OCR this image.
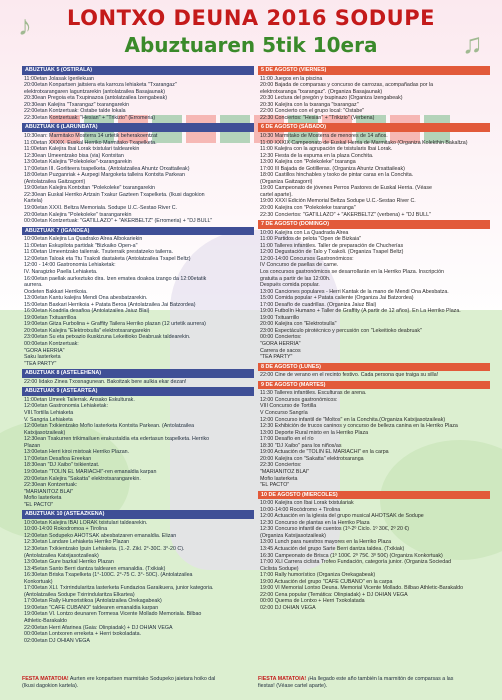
♪
♫
LONTXO DEUNA 2016 SODUPE
Abuztuaren 5tik 10era
ABUZTUAK 5 (OSTIRALA)
11:00etan Jolasak Igerilekuan
20:00etan Konpartsen jaitsiera eta karroza lehiaketa "Txarangaz"
elektrotxarangaren laguntzarekin (antolatzailea Basajaunak)
20:30ean Pregoia eta Txupinazoa (antolatzailea Izengabeak)
20:30ean Kalejira "Txarangaz" txarangarekin
22:00etan Kontzertuak: Ostabe talde lokala
22:30etan Kontzertuak: "Hesian" + "Trikizio" (Erromeria)
ABUZTUAK 6 (LARUNBATA)
10:30ean: Marmitako Mosterra 14 urtetik beherakoentzat
11:00etan XXXIX. Euskal Herriko Marmitako Txapelketa.
11:00etan Kalejira Ibai Lorak txistulari taldearekin
12:30ean Umeentzako bisa (via) Kontxitan
13:00etan Kalejira "Polekoleke"-txarangarekin
17:00etan III. Gorliteera txapelketa. (Antolatzailea Ahuntz Orxattaileak)
18:00etan Puzganriak + Aurpegi Margoketa talleira Kontxita Parkean
(Antolatzailea Gaitzagorri)
19:00etan Kalejira Kontxitan "Polekoleke" txarangarekin
22:30ean Euskal Herriko Artzain Txakur Gazteen Txapelketa. (Ikusi dagokion
Kartela)
19:00etan XXXI. Beltza Memoriala. Sodupe U.C.-Sestao River C.
20:00etan Kalejira "Polekoleke" txarangarekin
00:00etan Kontzertuak: "GATILLAZO" + "AKERBELTZ" (Erromeria) + "DJ BULL"
ABUZTUAK 7 (IGANDEA)
10:00etan Kalejira La Quadrako Alrea Albokariekin
11:00etan Eskupilota partidak "Bizkaiko Open-a"
11:00etan Umeentzako tailerrak. Txuterraik prestatzeko tailerra.
12:00etan Taloak eta Ttu Txakoli dastaketa (Antolatzailea Txapel Beltz)
12:00 - 14:00 Gastronomia Lehiaketak:
IV. Naragizko Paella Lehiaketa.
16:00etan paellak aurkeztuko dira. Izen ematea doakoa izango da 12:00etatik
aurrera.
Oodeten Bakkari Herrikoia.
13:00etan Kantu kalejira Mendi Ona abesbatzarekin.
15:00etan Baxkari Herrikoia + Patata Beroa (Antolatzailea Jai Batzordea)
16:00etan Koadrila desafioa (Antolatzailea Jaiuz Blai)
19:00etan Txituarrilloa
19:00etan Gitza Furbolina + Graffity Tailera Herriko plazan (12 urtetik aurrera)
20:00etan Kalejira "Elektrotxulla" elektrotxarangarekin
23:00etan Su eta petxazio ikuskizuna Lekeitioko Deabruak taldearekin.
00:00etan Kontzertuak:
"GORA HERRIA"
Saku lasterketa
"TEA PARTY"
ABUZTUAK 8 (ASTELEHENA)
22:00 Iidako Zinea Txosnagunean. Bakoitzak bere aulkia ekar dezan!
ABUZTUAK 9 (ASTEARTEA)
11:00etan Umeek Tailerrak. Ansako Eskulturak.
12:00etan Gastronomia Lehiaketak:
VIII.Tortilla Lehiaketa
V. Sangria Lehiaketa
12:00etan Txikientzako Mofio lasterketa Kontxita Parkean. (Antolatzailea
Katxijasotzaileak)
12:30ean Txakurren trikimailuen erakustaldia eta edertasun txapelketa. Herriko
Plazan
13:00etan Herri kiroi mixtoak Herriko Plazan.
17:00etan Desafioa Ereekan
18:30ean "DJ Xaibo" txikientzat.
19:00etan "TOLIN EL MARIACHI"-ren emanaldia karpan
20:00etan Kalejira "Sakatta" elektrotxarangarekin.
22:30ean Kontzertuak:
"MARIANITOZ BLAI"
Mofio lasterketa
"EL PACTO"
ABUZTUAK 10 (ASTEAZKENA)
10:00etan Kalejira IBAI LORAK txistulari taldearekin.
10:00-14:00 Rokodromoa + Tirolina
12:00etan Sodupeko AHOTSAK abesbatzaren emanaldia. Elizan
12:30etan Landare Lehiaketa Herriko Plazan
12:30etan Txikientzako Ipuin Lehiaketa. (1.-2. Zikl. 2°-30C. 3°-20 C).
(Antolatzailea Katxijasotzaileak)
13:00etan Gure bazkal Herriko Plazan
13:45etan Santo Berri dantza taldearen emanaldia. (Txikiak)
16:30etan Briska Txapelketa (1°-100C. 2°-75 C. 3°- 50C). (Antolatzailea
Konkortuak)
17:00etan XLI. Txirrindularitza lasterketa Fundazioa Garaikuera, junior kategoria.
(Antolatzailea Sodupe Txirrindularitza Elkartea)
17:00etan Rally Humoristikoa (Antolatzailea Orekagabeak)
19:00etan "CAFÉ CUBANO" taldearen emanaldia karpan
19:00etan VI. Lontzo deunaren Tormesa Vicente Mollado Memoriala. Bilbao
Athletic-Barakaldo
22:00etan Herri Afarinea (Gaia: Olinpiadak) + DJ OHIAN VEGA
00:00etan Lontxoren erreketa + Herri txokoladata.
02:00etan DJ OHIAN VEGA
5 DE AGOSTO (VIERNES)
11:00 Juegos en la piscina
20:00 Bajada de comparsas y concurso de carrozas, acompañadas por la
elektrotxaranga "txarangaz". (Organiza Basajaunak)
20:30 Lectura del pregón y txupinazo (Organiza Izengabeak)
20:30 Kalejira con la txaranga "txarangaz"
22:00 Concierto con el grupo local: "Ostabe"
22:30 Conciertos: "Hesian" + "Trikizio" (Verbena)
6 DE AGOSTO (SÁBADO)
10:30 Marmitako de Mosterra de menores de 14 años.
11:00 XXXIX Campeonato de Euskal Herria de Marmitako (Organiza Kolekthin Bakaltza)
11:00 Kalejira con la agrupación de txistularis Ibai Lorak.
12:30 Fiesta de la espuma en la plaza Conchita.
13:00 Kalejira con "Polekoleke" txaranga
17:00 III Bajada de Gotillleras. (Organiza Ahuntz Orxattaileak)
18:00 Castillos hinchables y txoko de pintar caras en la Conchita.
(Organiza Gaitzagorri)
19:00 Campeonato de jóvenes Perros Pastores de Euskal Herria. (Véase
cartel aparte).
19:00 XXXI Edición Memorial Beltza Sodupe U.C.-Sestao River C.
20:00 Kalejira con "Polekoleke txaranga"
22:30 Conciertos: "GATILLAZO" + "AKERBELTZ" (verbena) + "DJ BULL"
7 DE AGOSTO (DOMINGO)
10:00 Kalejira con La Quadrada Alrea
11:00 Partidos de pelota "Open de Bizkaia"
11:00 Talleres infantiles. Taller de preparación de Chucherías
12:00 Degustación de Talo y Txakoli. (Organiza Txapel Beltz)
12:00-14:00 Concursos Gastronómicos:
IV Concurso de paellas de carne.
Los concursos gastronómicos se desarrollarán en la Herriko Plaza. Inscripción
gratuita a partir de las 12:00h.
Después comida popular.
13:00 Canciones populares - Herri Kantak de la mano de Mendi Ona Abesbatza.
15:00 Comida popular + Patata caliente (Organiza Jai Batzordea)
17:00 Desafío de cuadrillas. (Organiza Jaiuz Blai)
19:00 Futbolín Humano + Taller de Graffity (A partir de 12 años). En La Herriko Plaza.
19:00 Txituarrillo
20:00 Kalejira con "Elektrotxulla"
23:00 Espectáculo pirotécnico y percusión con "Lekeitioko deabruak"
00:00 Conciertos:
"GORA HERRIA"
Carrera de sacos
"TEA PARTY"
8 DE AGOSTO (LUNES)
22:00 Cine de verano en el recinto festivo. Cada persona que traiga su silla!
9 DE AGOSTO (MARTES)
11:30 Talleres infantiles. Esculturas de arena.
12:00 Concursos gastronómicos:
VIII Concurso de Tortilla
V Concurso Sangría
12:00 Concurso infantil de "Moltos" en la Conchita.(Organiza Katxijasotzaileak)
12:30 Exhibición de trucos caninos y concurso de belleza canina en la Herriko Plaza
13:00 Deporte Rural mixto en la Herriko Plaza
17:00 Desafío en el río
18:30 "DJ Xaibo" para los niños/as
19:00 Actuación de "TOLIN EL MARIACHI" en la carpa
20:00 Kalejira con "Sakatta" elektrotxaranga
22:30 Conciertos:
"MARIANITOZ BLAI"
Mofio lasterketa
"EL PACTO"
10 DE AGOSTO (MIERCOLES)
10:00 Kalejira con Ibai Lorak txistulariak
10:00-14:00 Rocódromo + Tirolina
12:00 Actuación en la iglesia del grupo musical AHOTSAK de Sodupe
12:30 Concurso de plantas en la Herriko Plaza
12:30 Concurso infantil de cuentos (1º-2º Ciclo. 1º 30€, 2º 20 €)
(Organiza Katxijasotzaileak)
13:00 Lunch para nuestros mayores en la Herriko Plaza
13:45 Actuación del grupo Sarte Berri dantza taldea. (Txikiak)
16:30 Campeonato de Brisca (1º 100€. 2º 75€. 3º 50€) (Organiza Konkortuak)
17:00 XLI Carrera ciclista Trofeo Fundación, categoría junior. (Organiza Sociedad
Ciclista Sodupe)
17:00 Rally humorístico (Organiza Orekagabeak)
19:00 Actuación del grupo "CAFÉ CUBANO" en la carpa
19:00 VI Memorial Lontxo Deuna. Memorial Vicente Mollado. Bilbao Athletic-Barakaldo
22:00 Cena popular (Temática: Olinpiadak) + DJ OHIAN VEGA
00:00 Quema de Lontxo + Herri Txokolatada
02:00 DJ OHIAN VEGA
FESTA MATATOIA! Aurten ere konpartsen marmitako Sodupeko jaietara hoiko dal
(Ikusi dagokion kartela).
FIESTA MATATOIA! ¡Ha llegado este año también la marmitón de comparsas a las
fiestas! (Véase cartel aparte).
